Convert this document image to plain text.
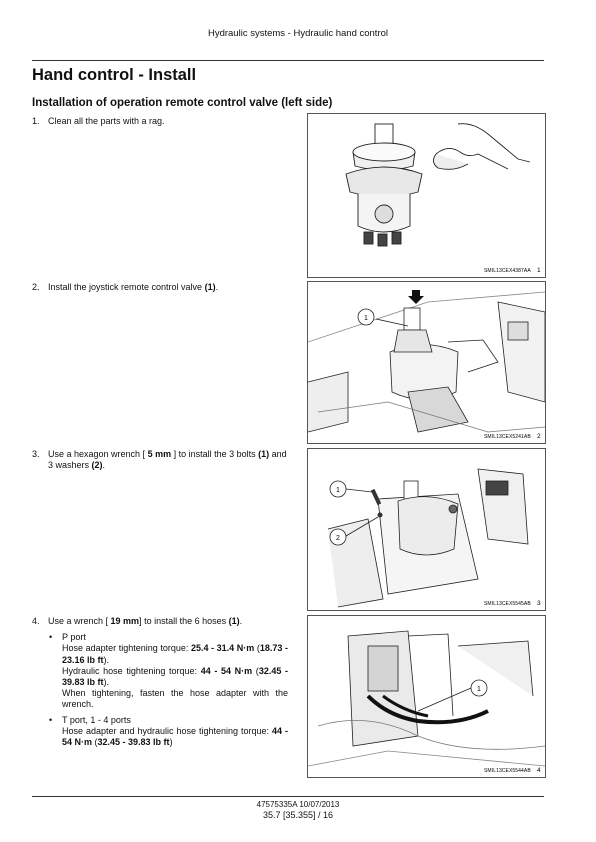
Hydraulic systems - Hydraulic hand control
Hand control - Install
Installation of operation remote control valve (left side)
1. Clean all the parts with a rag.
2. Install the joystick remote control valve (1).
3. Use a hexagon wrench [ 5 mm ] to install the 3 bolts (1) and 3 washers (2).
4. Use a wrench [ 19 mm] to install the 6 hoses (1).
• P port
Hose adapter tightening torque: 25.4 - 31.4 N·m (18.73 - 23.16 lb ft).
Hydraulic hose tightening torque: 44 - 54 N·m (32.45 - 39.83 lb ft).
When tightening, fasten the hose adapter with the wrench.
• T port, 1 - 4 ports
Hose adapter and hydraulic hose tightening torque: 44 - 54 N·m (32.45 - 39.83 lb ft)
SMIL13CEX4387AA 1
1
SMIL13CEX5241AB 2
1
2
SMIL13CEX5545AB 3
1
SMIL13CEX5544AB 4
47575335A 10/07/2013
35.7 [35.355] / 16
